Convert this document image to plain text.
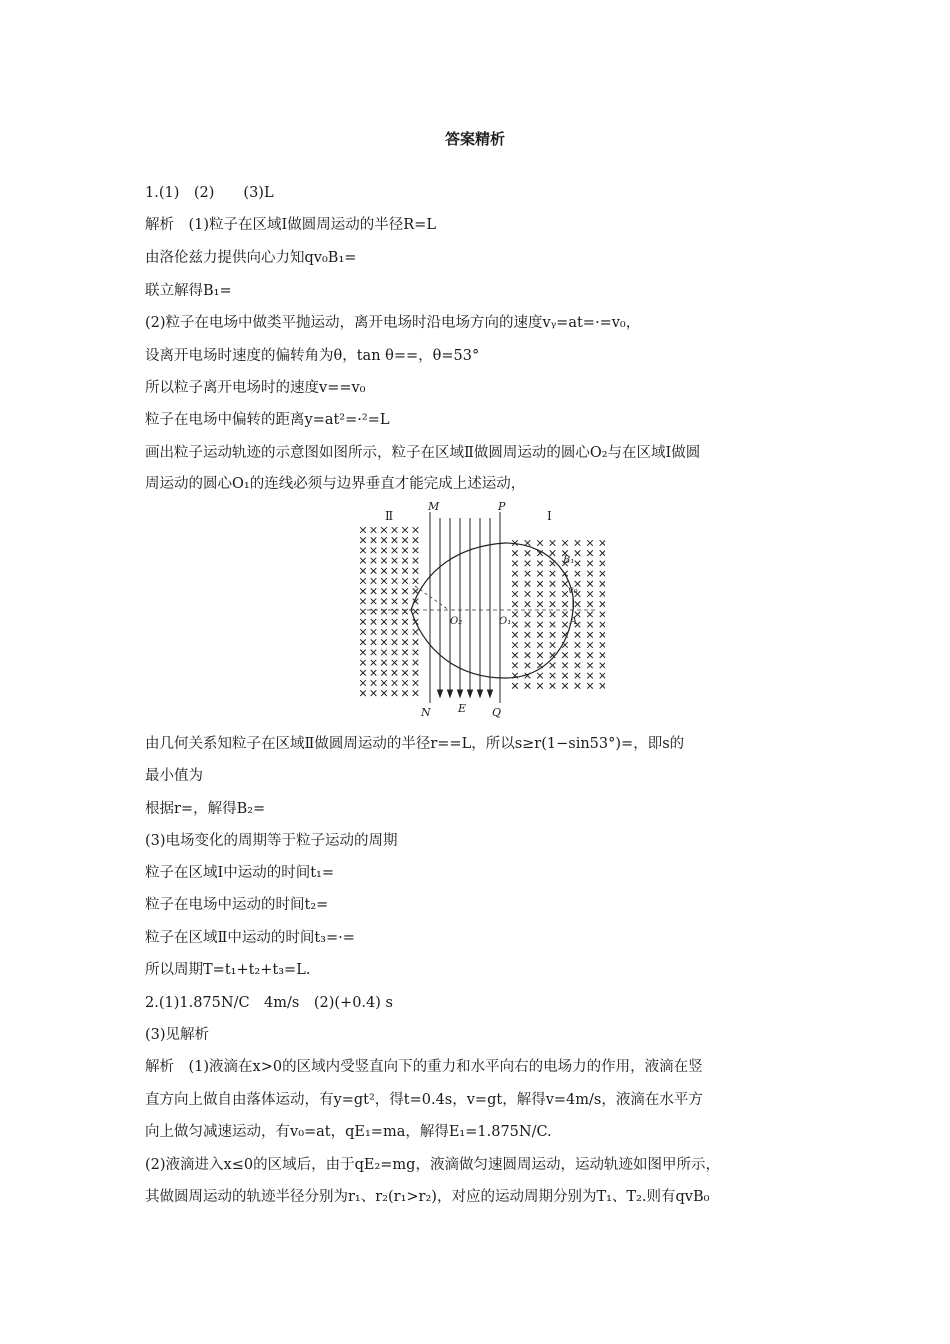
答案精析
1.(1)　(2)　　(3)L
解析　(1)粒子在区域Ⅰ做圆周运动的半径R=L
由洛伦兹力提供向心力知qv₀B₁=
联立解得B₁=
(2)粒子在电场中做类平抛运动，离开电场时沿电场方向的速度vᵧ=at=·=v₀，
设离开电场时速度的偏转角为θ，tan θ==，θ=53°
所以粒子离开电场时的速度v==v₀
粒子在电场中偏转的距离y=at²=·²=L
画出粒子运动轨迹的示意图如图所示，粒子在区域Ⅱ做圆周运动的圆心O₂与在区域Ⅰ做圆
周运动的圆心O₁的连线必须与边界垂直才能完成上述运动，
由几何关系知粒子在区域Ⅱ做圆周运动的半径r==L，所以s≥r(1−sin53°)=，即s的
最小值为
根据r=，解得B₂=
(3)电场变化的周期等于粒子运动的周期
粒子在区域Ⅰ中运动的时间t₁=
粒子在电场中运动的时间t₂=
粒子在区域Ⅱ中运动的时间t₃=·=
所以周期T=t₁+t₂+t₃=L.
2.(1)1.875N/C　4m/s　(2)(+0.4) s
(3)见解析
解析　(1)液滴在x>0的区域内受竖直向下的重力和水平向右的电场力的作用，液滴在竖
直方向上做自由落体运动，有y=gt²，得t=0.4s，v=gt，解得v=4m/s，液滴在水平方
向上做匀减速运动，有v₀=at，qE₁=ma，解得E₁=1.875N/C.
(2)液滴进入x≤0的区域后，由于qE₂=mg，液滴做匀速圆周运动，运动轨迹如图甲所示，
其做圆周运动的轨迹半径分别为r₁、r₂(r₁>r₂)，对应的运动周期分别为T₁、T₂.则有qvB₀
Ⅱ	Ⅰ
M	P
N E Q
O₂	O₁
B₁
v₀
A
